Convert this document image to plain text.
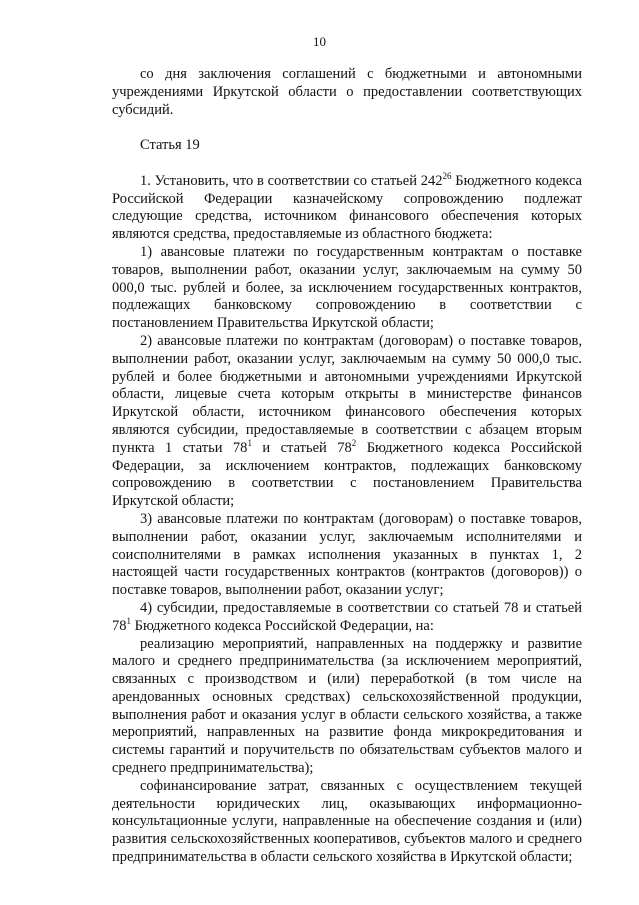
10

со дня заключения соглашений с бюджетными и автономными учреждениями Иркутской области о предоставлении соответствующих субсидий.

Статья 19

1. Установить, что в соответствии со статьей $242^{26}$ Бюджетного кодекса Российской Федерации казначейскому сопровождению подлежат следующие средства, источником финансового обеспечения которых являются средства, предоставляемые из областного бюджета:

1) авансовые платежи по государственным контрактам о поставке товаров, выполнении работ, оказании услуг, заключаемым на сумму 50 000,0 тыс. рублей и более, за исключением государственных контрактов, подлежащих банковскому сопровождению в соответствии с постановлением Правительства Иркутской области;

2) авансовые платежи по контрактам (договорам) о поставке товаров, выполнении работ, оказании услуг, заключаемым на сумму 50 000,0 тыс. рублей и более бюджетными и автономными учреждениями Иркутской области, лицевые счета которым открыты в министерстве финансов Иркутской области, источником финансового обеспечения которых являются субсидии, предоставляемые в соответствии с абзацем вторым пункта 1 статьи $78^1$ и статьей $78^2$ Бюджетного кодекса Российской Федерации, за исключением контрактов, подлежащих банковскому сопровождению в соответствии с постановлением Правительства Иркутской области;

3) авансовые платежи по контрактам (договорам) о поставке товаров, выполнении работ, оказании услуг, заключаемым исполнителями и соисполнителями в рамках исполнения указанных в пунктах 1, 2 настоящей части государственных контрактов (контрактов (договоров)) о поставке товаров, выполнении работ, оказании услуг;

4) субсидии, предоставляемые в соответствии со статьей 78 и статьей $78^1$ Бюджетного кодекса Российской Федерации, на:

реализацию мероприятий, направленных на поддержку и развитие малого и среднего предпринимательства (за исключением мероприятий, связанных с производством и (или) переработкой (в том числе на арендованных основных средствах) сельскохозяйственной продукции, выполнения работ и оказания услуг в области сельского хозяйства, а также мероприятий, направленных на развитие фонда микрокредитования и системы гарантий и поручительств по обязательствам субъектов малого и среднего предпринимательства);

софинансирование затрат, связанных с осуществлением текущей деятельности юридических лиц, оказывающих информационно-консультационные услуги, направленные на обеспечение создания и (или) развития сельскохозяйственных кооперативов, субъектов малого и среднего предпринимательства в области сельского хозяйства в Иркутской области;
